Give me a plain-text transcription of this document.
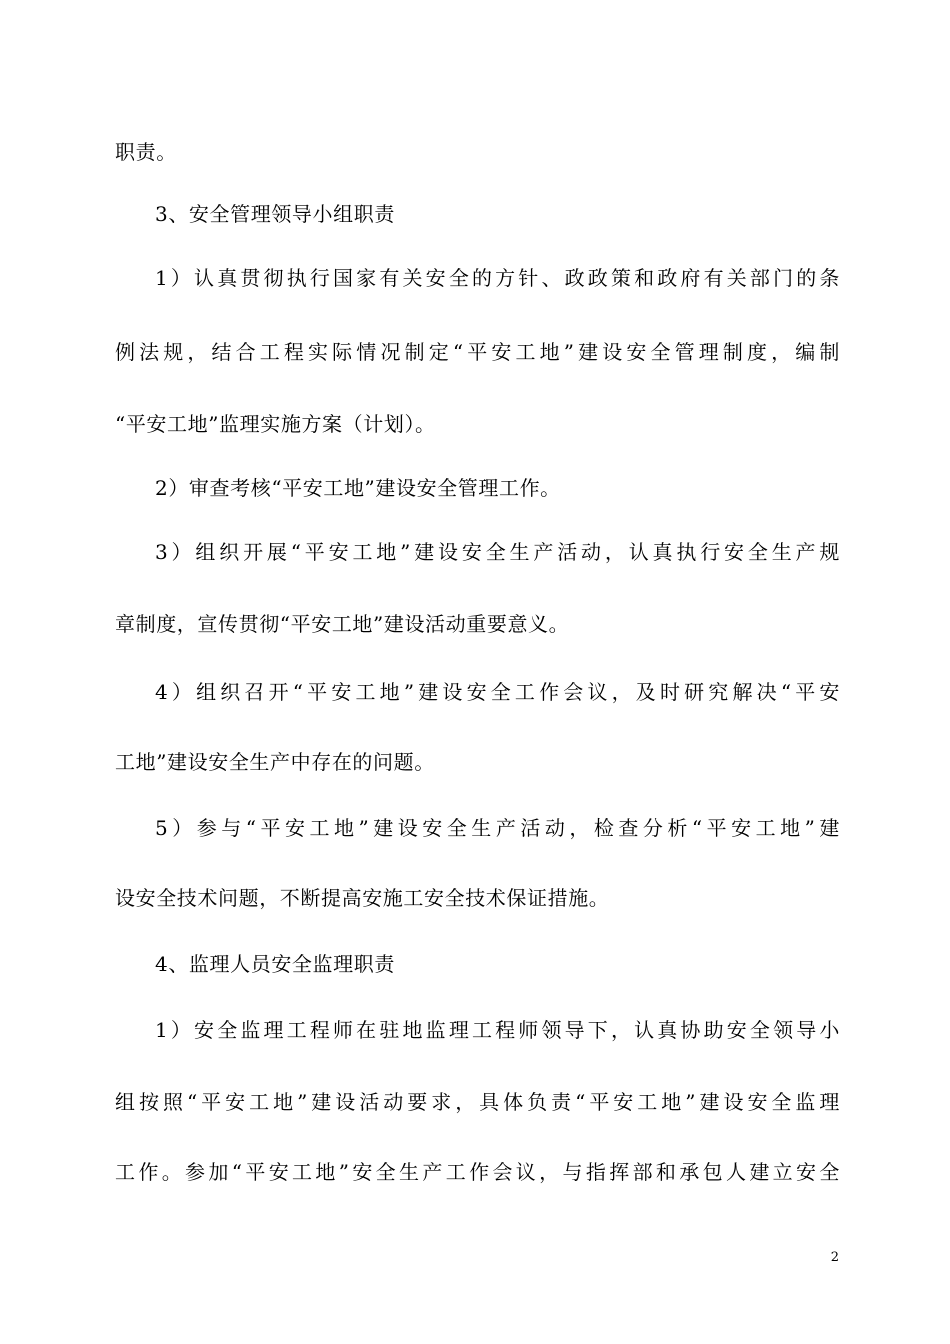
职责。
3、安全管理领导小组职责
1）认真贯彻执行国家有关安全的方针、政政策和政府有关部门的条
例法规，结合工程实际情况制定“平安工地”建设安全管理制度，编制
“平安工地”监理实施方案（计划）。
2）审查考核“平安工地”建设安全管理工作。
3）组织开展“平安工地”建设安全生产活动，认真执行安全生产规
章制度，宣传贯彻“平安工地”建设活动重要意义。
4）组织召开“平安工地”建设安全工作会议，及时研究解决“平安
工地”建设安全生产中存在的问题。
5）参与“平安工地”建设安全生产活动，检查分析“平安工地”建
设安全技术问题，不断提高安施工安全技术保证措施。
4、监理人员安全监理职责
1）安全监理工程师在驻地监理工程师领导下，认真协助安全领导小
组按照“平安工地”建设活动要求，具体负责“平安工地”建设安全监理
工作。参加“平安工地”安全生产工作会议，与指挥部和承包人建立安全
2
